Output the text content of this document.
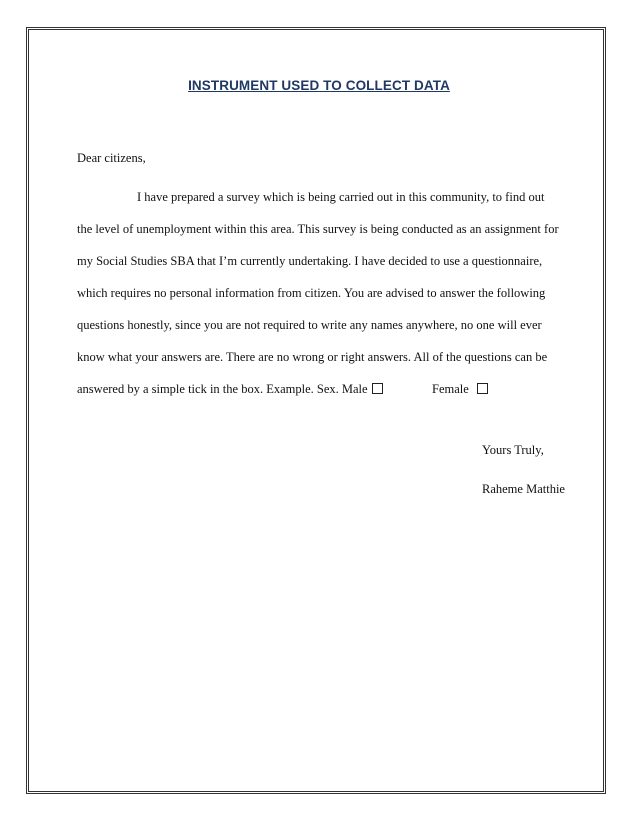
INSTRUMENT USED TO COLLECT DATA

Dear citizens,

I have prepared a survey which is being carried out in this community, to find out

the level of unemployment within this area. This survey is being conducted as an assignment for

my Social Studies SBA that I’m currently undertaking. I have decided to use a questionnaire,

which requires no personal information from citizen. You are advised to answer the following

questions honestly, since you are not required to write any names anywhere, no one will ever

know what your answers are. There are no wrong or right answers. All of the questions can be

answered by a simple tick in the box. Example. Sex. Male	Female

Yours Truly,

Raheme Matthie
